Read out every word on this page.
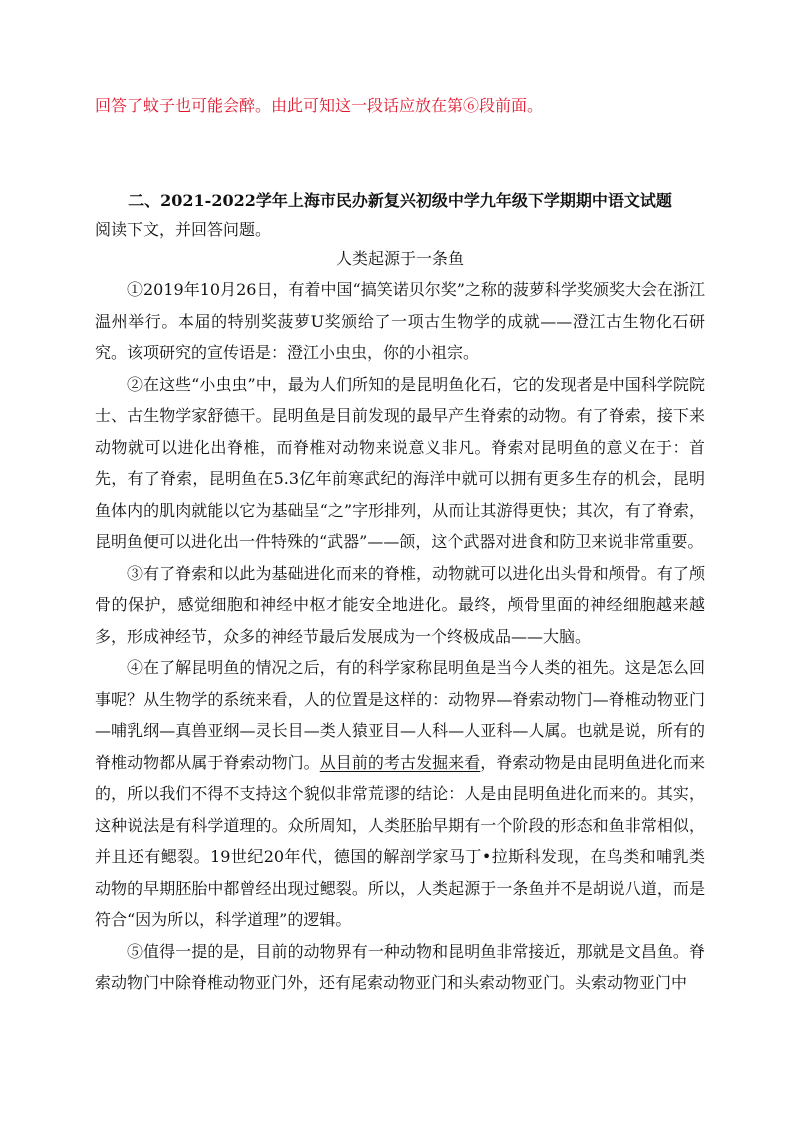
回答了蚊子也可能会醉。由此可知这一段话应放在第⑥段前面。
二、2021-2022学年上海市民办新复兴初级中学九年级下学期期中语文试题
阅读下文，并回答问题。
人类起源于一条鱼

①2019年10月26日，有着中国“搞笑诺贝尔奖”之称的菠萝科学奖颁奖大会在浙江温州举行。本届的特别奖菠萝U奖颁给了一项古生物学的成就——澄江古生物化石研究。该项研究的宣传语是：澄江小虫虫，你的小祖宗。

②在这些“小虫虫”中，最为人们所知的是昆明鱼化石，它的发现者是中国科学院院士、古生物学家舒德干。昆明鱼是目前发现的最早产生脊索的动物。有了脊索，接下来动物就可以进化出脊椎，而脊椎对动物来说意义非凡。脊索对昆明鱼的意义在于：首先，有了脊索，昆明鱼在5.3亿年前寒武纪的海洋中就可以拥有更多生存的机会，昆明鱼体内的肌肉就能以它为基础呈“之”字形排列，从而让其游得更快；其次，有了脊索，昆明鱼便可以进化出一件特殊的“武器”——颌，这个武器对进食和防卫来说非常重要。

③有了脊索和以此为基础进化而来的脊椎，动物就可以进化出头骨和颅骨。有了颅骨的保护，感觉细胞和神经中枢才能安全地进化。最终，颅骨里面的神经细胞越来越多，形成神经节，众多的神经节最后发展成为一个终极成品——大脑。

④在了解昆明鱼的情况之后，有的科学家称昆明鱼是当今人类的祖先。这是怎么回事呢？从生物学的系统来看，人的位置是这样的：动物界—脊索动物门—脊椎动物亚门—哺乳纲—真兽亚纲—灵长目—类人猿亚目—人科—人亚科—人属。也就是说，所有的脊椎动物都从属于脊索动物门。从目前的考古发掘来看，脊索动物是由昆明鱼进化而来的，所以我们不得不支持这个貌似非常荒谬的结论：人是由昆明鱼进化而来的。其实，这种说法是有科学道理的。众所周知，人类胚胎早期有一个阶段的形态和鱼非常相似，并且还有鳃裂。19世纪20年代，德国的解剖学家马丁•拉斯科发现，在鸟类和哺乳类动物的早期胚胎中都曾经出现过鳃裂。所以，人类起源于一条鱼并不是胡说八道，而是符合“因为所以，科学道理”的逻辑。

⑤值得一提的是，目前的动物界有一种动物和昆明鱼非常接近，那就是文昌鱼。脊索动物门中除脊椎动物亚门外，还有尾索动物亚门和头索动物亚门。头索动物亚门中
